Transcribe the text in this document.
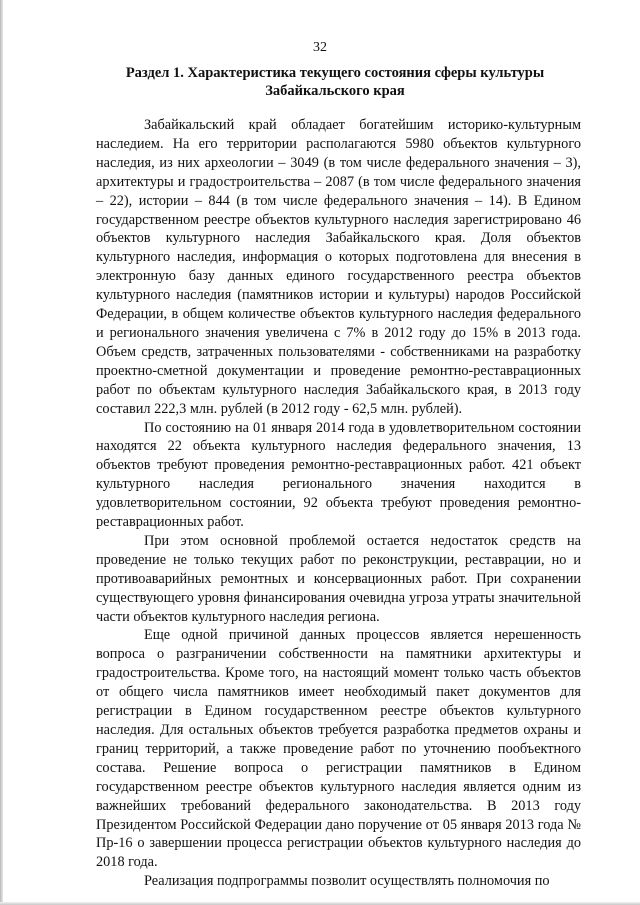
32
Раздел 1. Характеристика текущего состояния сферы культуры
Забайкальского края

Забайкальский край обладает богатейшим историко-культурным наследием. На его территории располагаются 5980 объектов культурного наследия, из них археологии – 3049 (в том числе федерального значения – 3), архитектуры и градостроительства – 2087 (в том числе федерального значения – 22), истории – 844 (в том числе федерального значения – 14). В Едином государственном реестре объектов культурного наследия зарегистрировано 46 объектов культурного наследия Забайкальского края. Доля объектов культурного наследия, информация о которых подготовлена для внесения в электронную базу данных единого государственного реестра объектов культурного наследия (памятников истории и культуры) народов Российской Федерации, в общем количестве объектов культурного наследия федерального и регионального значения увеличена с 7% в 2012 году до 15% в 2013 года. Объем средств, затраченных пользователями - собственниками на разработку проектно-сметной документации и проведение ремонтно-реставрационных работ по объектам культурного наследия Забайкальского края, в 2013 году составил 222,3 млн. рублей (в 2012 году - 62,5 млн. рублей).

По состоянию на 01 января 2014 года в удовлетворительном состоянии находятся 22 объекта культурного наследия федерального значения, 13 объектов требуют проведения ремонтно-реставрационных работ. 421 объект культурного наследия регионального значения находится в удовлетворительном состоянии, 92 объекта требуют проведения ремонтно-реставрационных работ.

При этом основной проблемой остается недостаток средств на проведение не только текущих работ по реконструкции, реставрации, но и противоаварийных ремонтных и консервационных работ. При сохранении существующего уровня финансирования очевидна угроза утраты значительной части объектов культурного наследия региона.

Еще одной причиной данных процессов является нерешенность вопроса о разграничении собственности на памятники архитектуры и градостроительства. Кроме того, на настоящий момент только часть объектов от общего числа памятников имеет необходимый пакет документов для регистрации в Едином государственном реестре объектов культурного наследия. Для остальных объектов требуется разработка предметов охраны и границ территорий, а также проведение работ по уточнению пообъектного состава. Решение вопроса о регистрации памятников в Едином государственном реестре объектов культурного наследия является одним из важнейших требований федерального законодательства. В 2013 году Президентом Российской Федерации дано поручение от 05 января 2013 года № Пр-16 о завершении процесса регистрации объектов культурного наследия до 2018 года.

Реализация подпрограммы позволит осуществлять полномочия по
